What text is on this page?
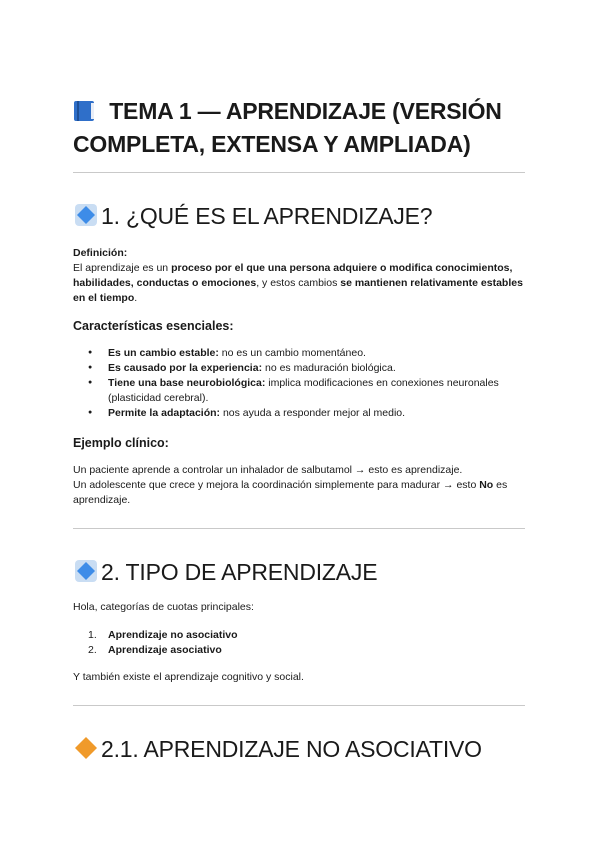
TEMA 1 — APRENDIZAJE (VERSIÓN
COMPLETA, EXTENSA Y AMPLIADA)
1. ¿QUÉ ES EL APRENDIZAJE?
Definición:
El aprendizaje es un proceso por el que una persona adquiere o modifica conocimientos, habilidades, conductas o emociones, y estos cambios se mantienen relativamente estables en el tiempo.
Características esenciales:
●
Es un cambio estable: no es un cambio momentáneo.
●
Es causado por la experiencia: no es maduración biológica.
●
Tiene una base neurobiológica: implica modificaciones en conexiones neuronales (plasticidad cerebral).
●
Permite la adaptación: nos ayuda a responder mejor al medio.
Ejemplo clínico:
Un paciente aprende a controlar un inhalador de salbutamol → esto es aprendizaje.
Un adolescente que crece y mejora la coordinación simplemente para madurar → esto No es aprendizaje.
2. TIPO DE APRENDIZAJE
Hola, categorías de cuotas principales:
1. Aprendizaje no asociativo
2. Aprendizaje asociativo
Y también existe el aprendizaje cognitivo y social.
2.1. APRENDIZAJE NO ASOCIATIVO
